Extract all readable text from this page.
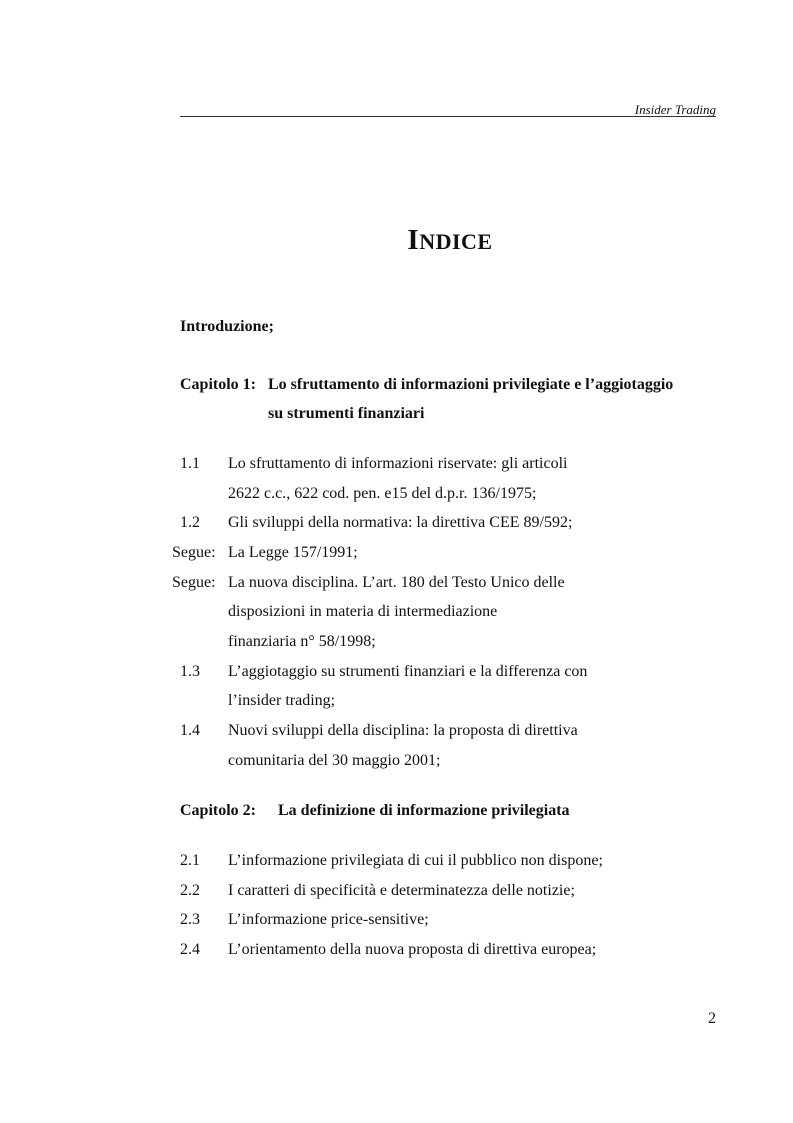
Insider Trading
INDICE
Introduzione;
Capitolo 1: Lo sfruttamento di informazioni privilegiate e l’aggiotaggio
su strumenti finanziari
1.1 Lo sfruttamento di informazioni riservate: gli articoli
2622 c.c., 622 cod. pen. e15 del d.p.r. 136/1975;
1.2 Gli sviluppi della normativa: la direttiva CEE 89/592;
Segue: La Legge 157/1991;
Segue: La nuova disciplina. L’art. 180 del Testo Unico delle
disposizioni in materia di intermediazione
finanziaria n° 58/1998;
1.3 L’aggiotaggio su strumenti finanziari e la differenza con
l’insider trading;
1.4 Nuovi sviluppi della disciplina: la proposta di direttiva
comunitaria del 30 maggio 2001;
Capitolo 2: La definizione di informazione privilegiata
2.1 L’informazione privilegiata di cui il pubblico non dispone;
2.2 I caratteri di specificità e determinatezza delle notizie;
2.3 L’informazione price-sensitive;
2.4 L’orientamento della nuova proposta di direttiva europea;
2
